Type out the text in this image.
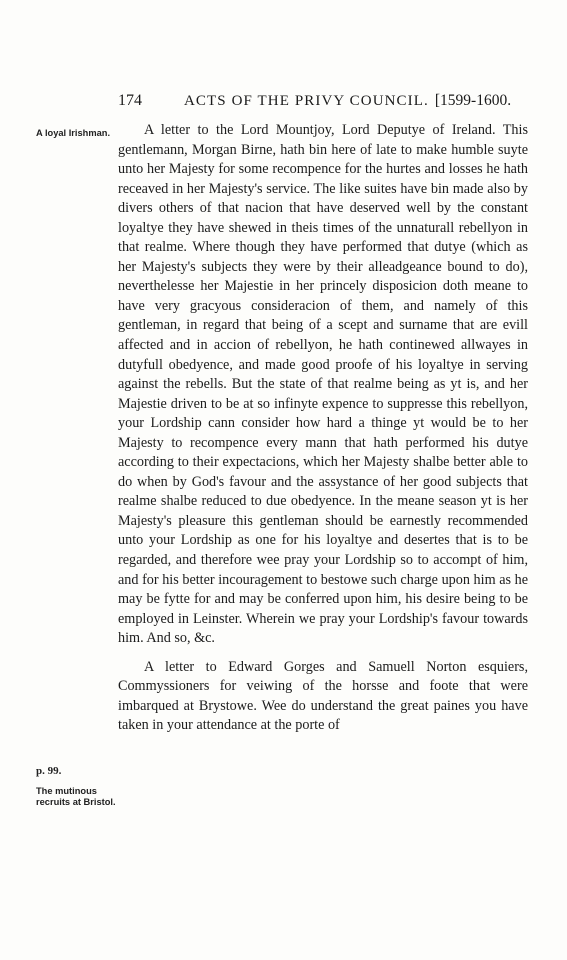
174	ACTS OF THE PRIVY COUNCIL. [1599-1600.
A loyal Irishman.
p. 99.
The mutinous recruits at Bristol.

A letter to the Lord Mountjoy, Lord Deputye of Ireland. This gentlemann, Morgan Birne, hath bin here of late to make humble suyte unto her Majesty for some recompence for the hurtes and losses he hath receaved in her Majesty's service. The like suites have bin made also by divers others of that nacion that have deserved well by the constant loyaltye they have shewed in theis times of the unnaturall rebellyon in that realme. Where though they have performed that dutye (which as her Majesty's subjects they were by their alleadgeance bound to do), neverthelesse her Majestie in her princely disposicion doth meane to have very gracyous consideracion of them, and namely of this gentleman, in regard that being of a scept and surname that are evill affected and in accion of rebellyon, he hath continewed allwayes in dutyfull obedyence, and made good proofe of his loyaltye in serving against the rebells. But the state of that realme being as yt is, and her Majestie driven to be at so infinyte expence to suppresse this rebellyon, your Lordship cann consider how hard a thinge yt would be to her Majesty to recompence every mann that hath performed his dutye according to their expectacions, which her Majesty shalbe better able to do when by God's favour and the assystance of her good subjects that realme shalbe reduced to due obedyence. In the meane season yt is her Majesty's pleasure this gentleman should be earnestly recommended unto your Lordship as one for his loyaltye and desertes that is to be regarded, and therefore wee pray your Lordship so to accompt of him, and for his better incouragement to bestowe such charge upon him as he may be fytte for and may be conferred upon him, his desire being to be employed in Leinster. Wherein we pray your Lordship's favour towards him. And so, &c.

A letter to Edward Gorges and Samuell Norton esquiers, Commyssioners for veiwing of the horsse and foote that were imbarqued at Brystowe. Wee do understand the great paines you have taken in your attendance at the porte of
